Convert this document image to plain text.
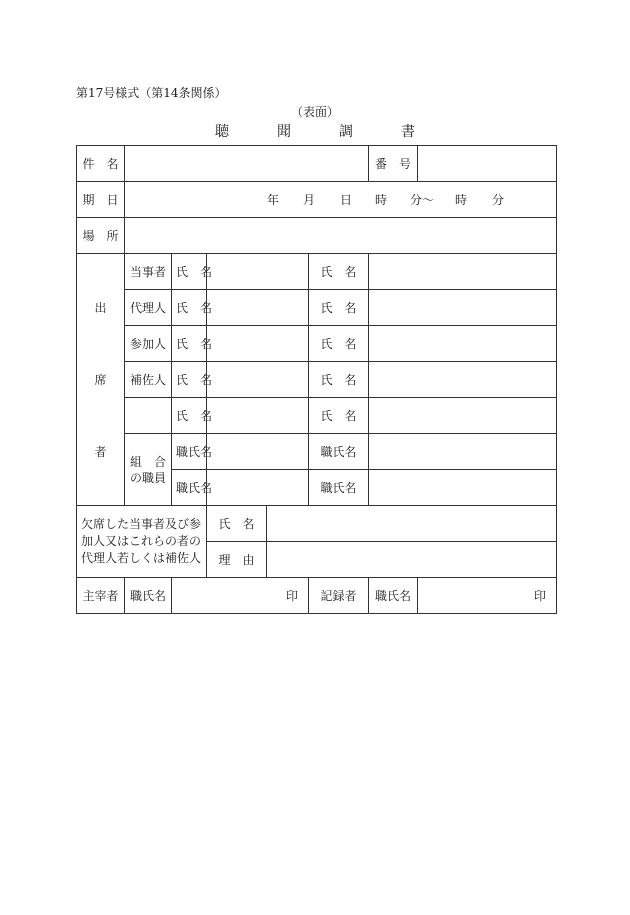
第17号様式（第14条関係）
（表面）
聴	聞	調	書
件　名						番　号	
期　日	年 月 日 時 分～ 時 分						
場　所							

出
席
者	当事者	氏　名			氏　名		
	代理人	氏　名			氏　名		
	参加人	氏　名			氏　名		
	補佐人	氏　名			氏　名		
		氏　名			氏　名		

	組　合
の職員	職氏名			職氏名		
		職氏名			職氏名		
欠席した当事者及び参加人又はこれらの者の代理人若しくは補佐人			氏　名				
			理　由				
主宰者	職氏名	印			記録者	職氏名	印
